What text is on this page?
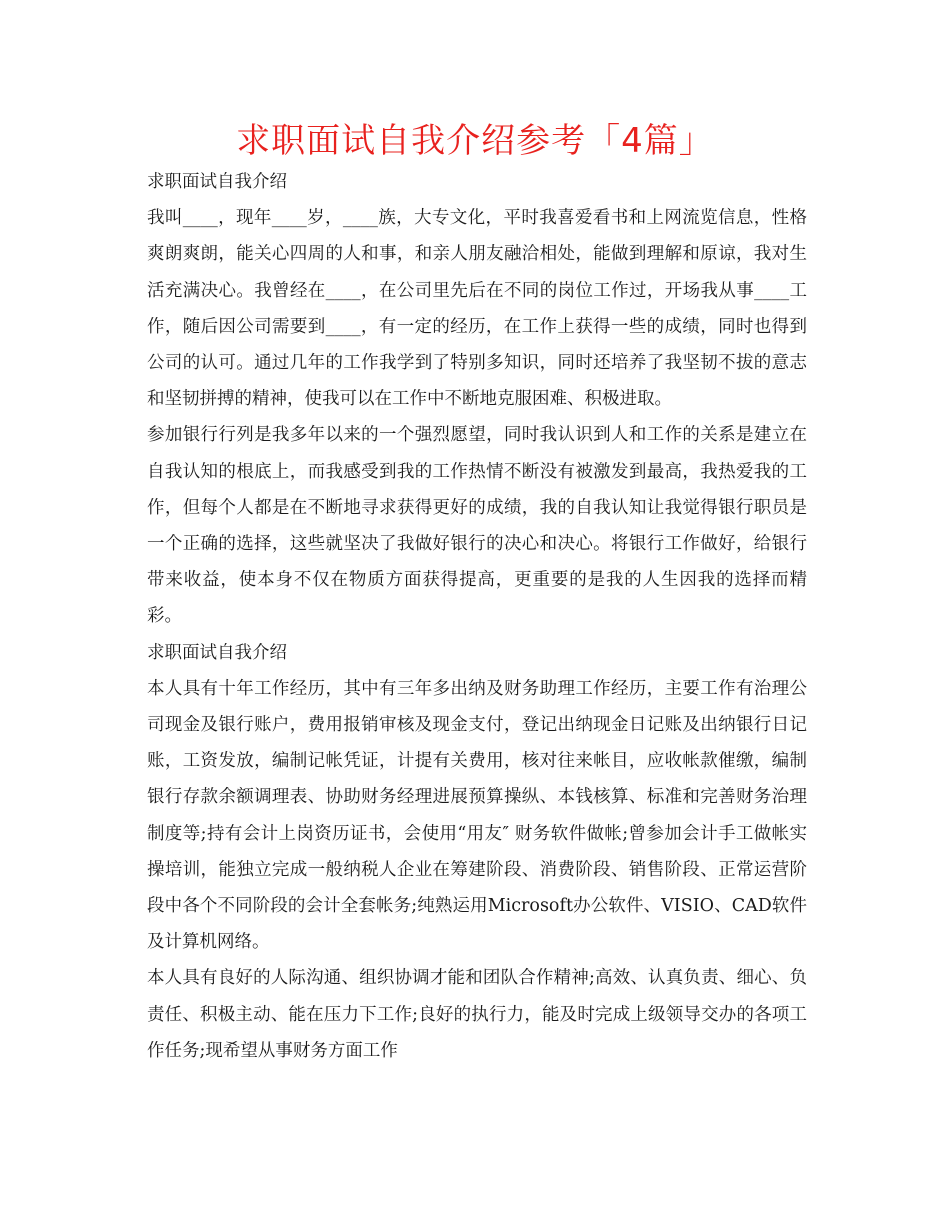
求职面试自我介绍参考「4篇」

求职面试自我介绍

我叫____，现年____岁，____族，大专文化，平时我喜爱看书和上网流览信息，性格爽朗爽朗，能关心四周的人和事，和亲人朋友融洽相处，能做到理解和原谅，我对生活充满决心。我曾经在____，在公司里先后在不同的岗位工作过，开场我从事____工作，随后因公司需要到____，有一定的经历，在工作上获得一些的成绩，同时也得到公司的认可。通过几年的工作我学到了特别多知识，同时还培养了我坚韧不拔的意志和坚韧拼搏的精神，使我可以在工作中不断地克服困难、积极进取。

参加银行行列是我多年以来的一个强烈愿望，同时我认识到人和工作的关系是建立在自我认知的根底上，而我感受到我的工作热情不断没有被激发到最高，我热爱我的工作，但每个人都是在不断地寻求获得更好的成绩，我的自我认知让我觉得银行职员是一个正确的选择，这些就坚决了我做好银行的决心和决心。将银行工作做好，给银行带来收益，使本身不仅在物质方面获得提高，更重要的是我的人生因我的选择而精彩。

求职面试自我介绍

本人具有十年工作经历，其中有三年多出纳及财务助理工作经历，主要工作有治理公司现金及银行账户，费用报销审核及现金支付，登记出纳现金日记账及出纳银行日记账，工资发放，编制记帐凭证，计提有关费用，核对往来帐目，应收帐款催缴，编制银行存款余额调理表、协助财务经理进展预算操纵、本钱核算、标准和完善财务治理制度等;持有会计上岗资历证书，会使用“用友″ 财务软件做帐;曾参加会计手工做帐实操培训，能独立完成一般纳税人企业在筹建阶段、消费阶段、销售阶段、正常运营阶段中各个不同阶段的会计全套帐务;纯熟运用Microsoft办公软件、VISIO、CAD软件及计算机网络。

本人具有良好的人际沟通、组织协调才能和团队合作精神;高效、认真负责、细心、负责任、积极主动、能在压力下工作;良好的执行力，能及时完成上级领导交办的各项工作任务;现希望从事财务方面工作
